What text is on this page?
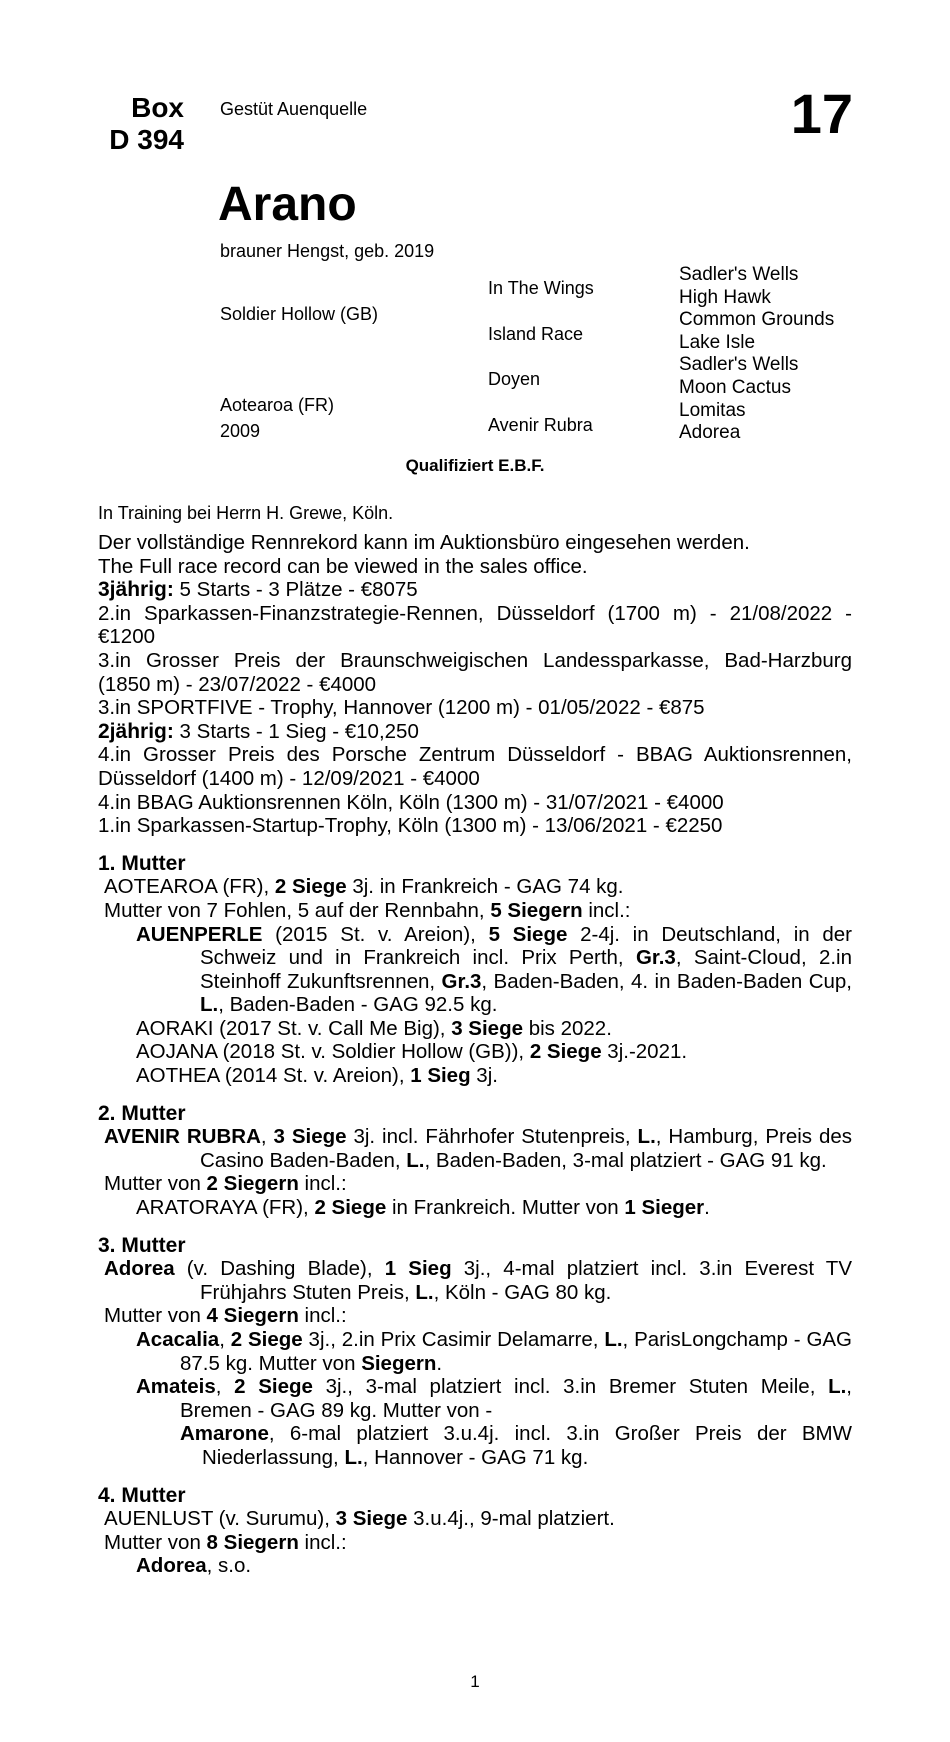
Box
D 394
Gestüt Auenquelle	17
Arano
brauner Hengst, geb. 2019
Soldier Hollow (GB)
Aotearoa (FR)
2009
In The Wings
Island Race
Doyen
Avenir Rubra
Sadler's Wells
High Hawk
Common Grounds
Lake Isle
Sadler's Wells
Moon Cactus
Lomitas
Adorea
Qualifiziert E.B.F.
In Training bei Herrn H. Grewe, Köln.

Der vollständige Rennrekord kann im Auktionsbüro eingesehen werden.

The Full race record can be viewed in the sales office.

3jährig: 5 Starts - 3 Plätze - €8075

2.in Sparkassen-Finanzstrategie-Rennen, Düsseldorf (1700 m) - 21/08/2022 - €1200

3.in Grosser Preis der Braunschweigischen Landessparkasse, Bad-Harzburg (1850 m) - 23/07/2022 - €4000

3.in SPORTFIVE - Trophy, Hannover (1200 m) - 01/05/2022 - €875

2jährig: 3 Starts - 1 Sieg - €10,250

4.in Grosser Preis des Porsche Zentrum Düsseldorf - BBAG Auktionsrennen, Düsseldorf (1400 m) - 12/09/2021 - €4000

4.in BBAG Auktionsrennen Köln, Köln (1300 m) - 31/07/2021 - €4000

1.in Sparkassen-Startup-Trophy, Köln (1300 m) - 13/06/2021 - €2250

1. Mutter

AOTEAROA (FR), 2 Siege 3j. in Frankreich - GAG 74 kg.

Mutter von 7 Fohlen, 5 auf der Rennbahn, 5 Siegern incl.:

AUENPERLE (2015 St. v. Areion), 5 Siege 2-4j. in Deutschland, in der Schweiz und in Frankreich incl. Prix Perth, Gr.3, Saint-Cloud, 2.in Steinhoff Zukunftsrennen, Gr.3, Baden-Baden, 4. in Baden-Baden Cup, L., Baden-Baden - GAG 92.5 kg.

AORAKI (2017 St. v. Call Me Big), 3 Siege bis 2022.

AOJANA (2018 St. v. Soldier Hollow (GB)), 2 Siege 3j.-2021.

AOTHEA (2014 St. v. Areion), 1 Sieg 3j.

2. Mutter

AVENIR RUBRA, 3 Siege 3j. incl. Fährhofer Stutenpreis, L., Hamburg, Preis des Casino Baden-Baden, L., Baden-Baden, 3-mal platziert - GAG 91 kg.

Mutter von 2 Siegern incl.:

ARATORAYA (FR), 2 Siege in Frankreich. Mutter von 1 Sieger.

3. Mutter

Adorea (v. Dashing Blade), 1 Sieg 3j., 4-mal platziert incl. 3.in Everest TV Frühjahrs Stuten Preis, L., Köln - GAG 80 kg.

Mutter von 4 Siegern incl.:

Acacalia, 2 Siege 3j., 2.in Prix Casimir Delamarre, L., ParisLongchamp - GAG 87.5 kg. Mutter von Siegern.

Amateis, 2 Siege 3j., 3-mal platziert incl. 3.in Bremer Stuten Meile, L., Bremen - GAG 89 kg. Mutter von -

Amarone, 6-mal platziert 3.u.4j. incl. 3.in Großer Preis der BMW Niederlassung, L., Hannover - GAG 71 kg.

4. Mutter

AUENLUST (v. Surumu), 3 Siege 3.u.4j., 9-mal platziert.

Mutter von 8 Siegern incl.:

Adorea, s.o.

1
